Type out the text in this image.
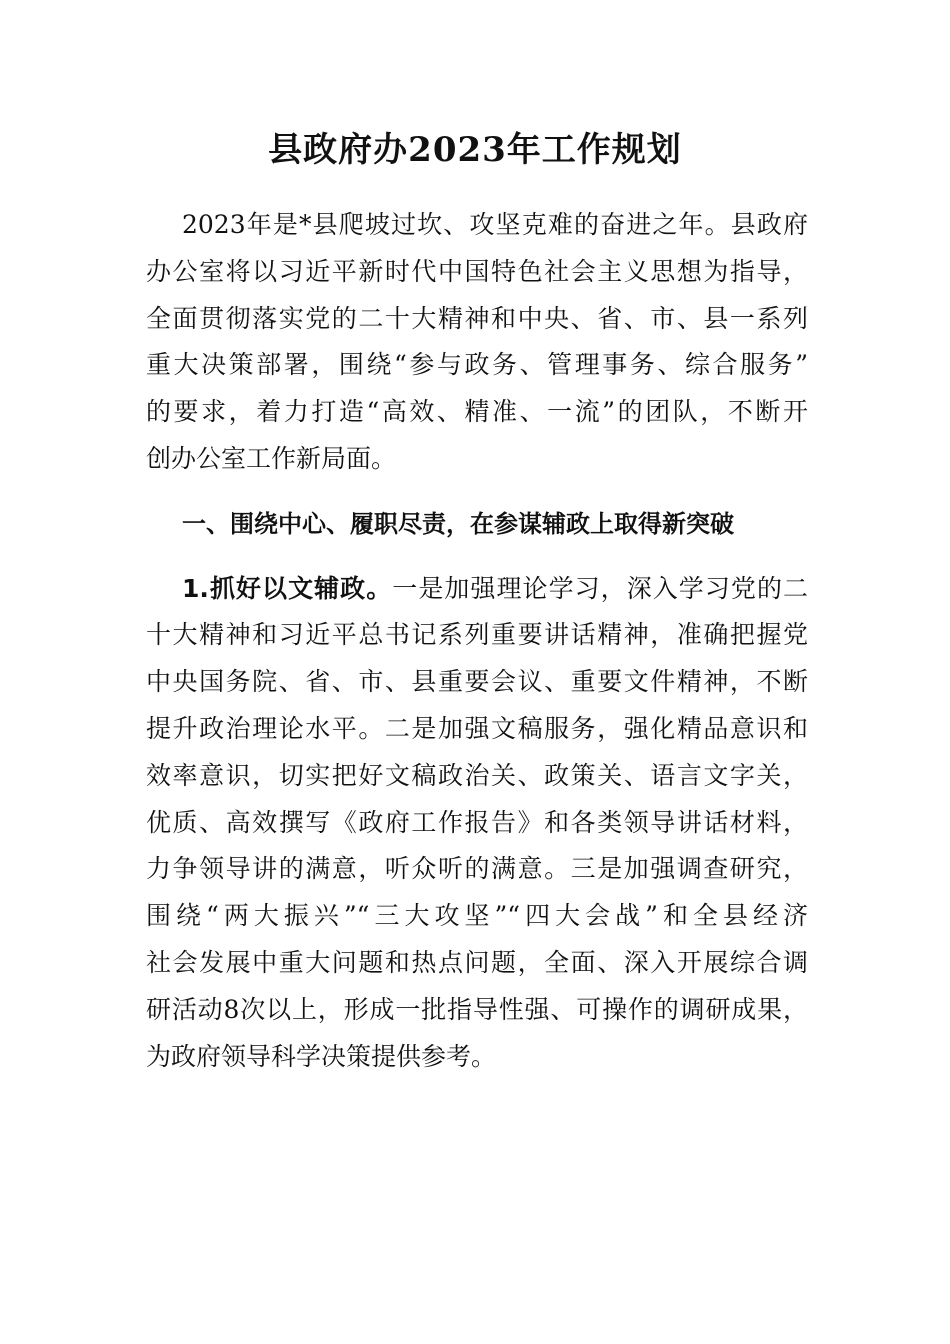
县政府办2023年工作规划
2023年是*县爬坡过坎、攻坚克难的奋进之年。县政府
办公室将以习近平新时代中国特色社会主义思想为指导，
全面贯彻落实党的二十大精神和中央、省、市、县一系列
重大决策部署，围绕“参与政务、管理事务、综合服务”
的要求，着力打造“高效、精准、一流”的团队，不断开
创办公室工作新局面。
一、围绕中心、履职尽责，在参谋辅政上取得新突破
1.抓好以文辅政。一是加强理论学习，深入学习党的二
十大精神和习近平总书记系列重要讲话精神，准确把握党
中央国务院、省、市、县重要会议、重要文件精神，不断
提升政治理论水平。二是加强文稿服务，强化精品意识和
效率意识，切实把好文稿政治关、政策关、语言文字关，
优质、高效撰写《政府工作报告》和各类领导讲话材料，
力争领导讲的满意，听众听的满意。三是加强调查研究，
围绕“两大振兴”“三大攻坚”“四大会战”和全县经济
社会发展中重大问题和热点问题，全面、深入开展综合调
研活动8次以上，形成一批指导性强、可操作的调研成果，
为政府领导科学决策提供参考。
